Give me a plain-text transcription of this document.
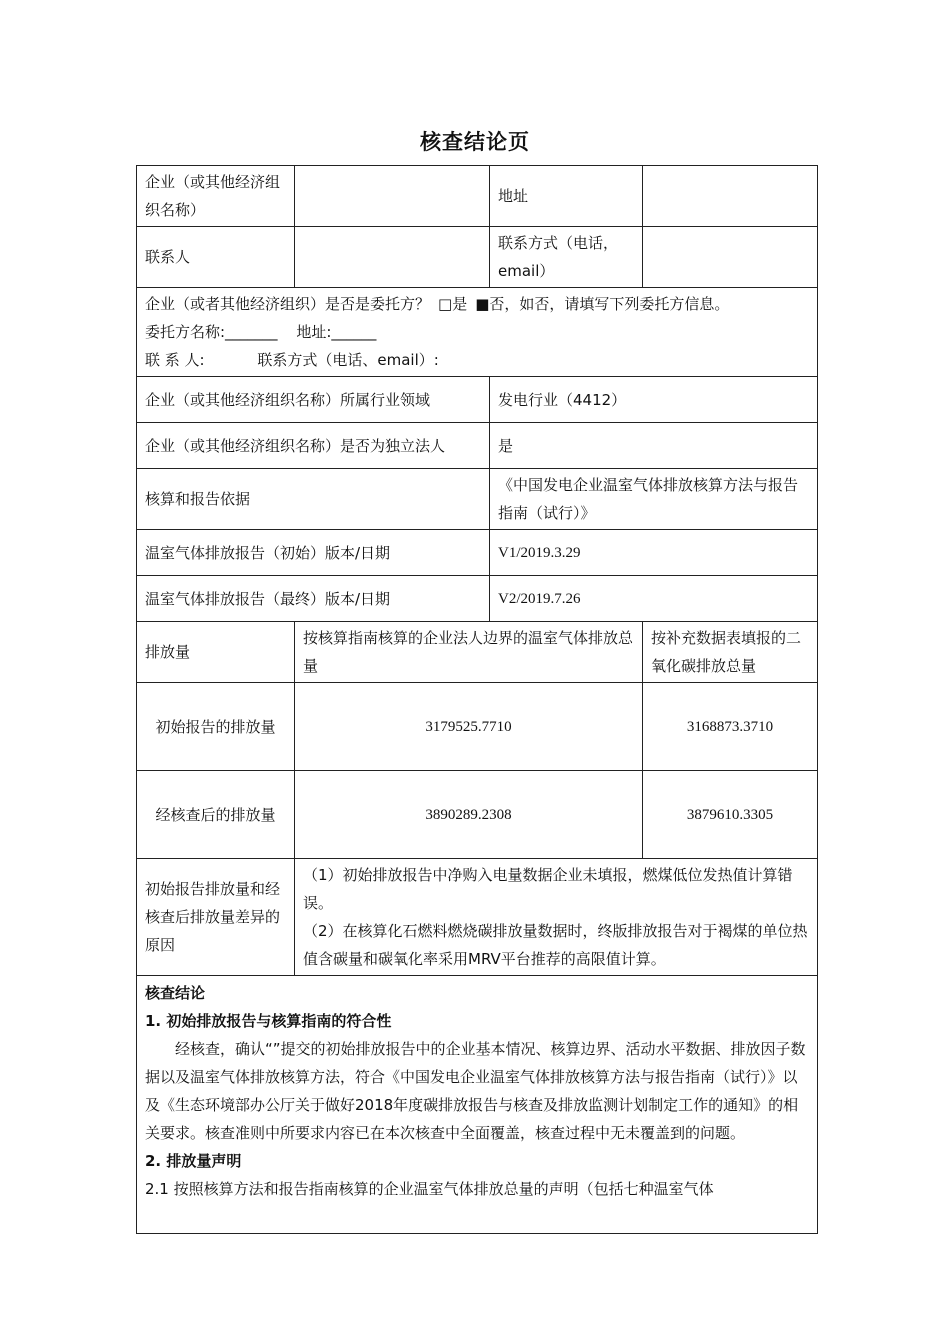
核查结论页
企业（或其他经济组织名称）		地址	
联系人		联系方式（电话，email）	

企业（或者其他经济组织）是否是委托方？ □是 ■否，如否，请填写下列委托方信息。
委托方名称:_______ 地址:______
联 系 人: 联系方式（电话、email）:			

企业（或其他经济组织名称）所属行业领域		发电行业（4412）	
企业（或其他经济组织名称）是否为独立法人		是	
核算和报告依据		《中国发电企业温室气体排放核算方法与报告指南（试行）》	
温室气体排放报告（初始）版本/日期		V1/2019.3.29	
温室气体排放报告（最终）版本/日期		V2/2019.7.26	
排放量	按核算指南核算的企业法人边界的温室气体排放总量		按补充数据表填报的二氧化碳排放总量
初始报告的排放量	3179525.7710		3168873.3710
经核查后的排放量	3890289.2308		3879610.3305
初始报告排放量和经核查后排放量差异的原因	（1）初始排放报告中净购入电量数据企业未填报，燃煤低位发热值计算错误。
（2）在核算化石燃料燃烧碳排放量数据时，终版排放报告对于褐煤的单位热值含碳量和碳氧化率采用MRV平台推荐的高限值计算。		

核查结论
1. 初始排放报告与核算指南的符合性
经核查，确认“”提交的初始排放报告中的企业基本情况、核算边界、活动水平数据、排放因子数据以及温室气体排放核算方法，符合《中国发电企业温室气体排放核算方法与报告指南（试行）》以及《生态环境部办公厅关于做好2018年度碳排放报告与核查及排放监测计划制定工作的通知》的相关要求。核查准则中所要求内容已在本次核查中全面覆盖，核查过程中无未覆盖到的问题。
2. 排放量声明
2.1 按照核算方法和报告指南核算的企业温室气体排放总量的声明（包括七种温室气体			
